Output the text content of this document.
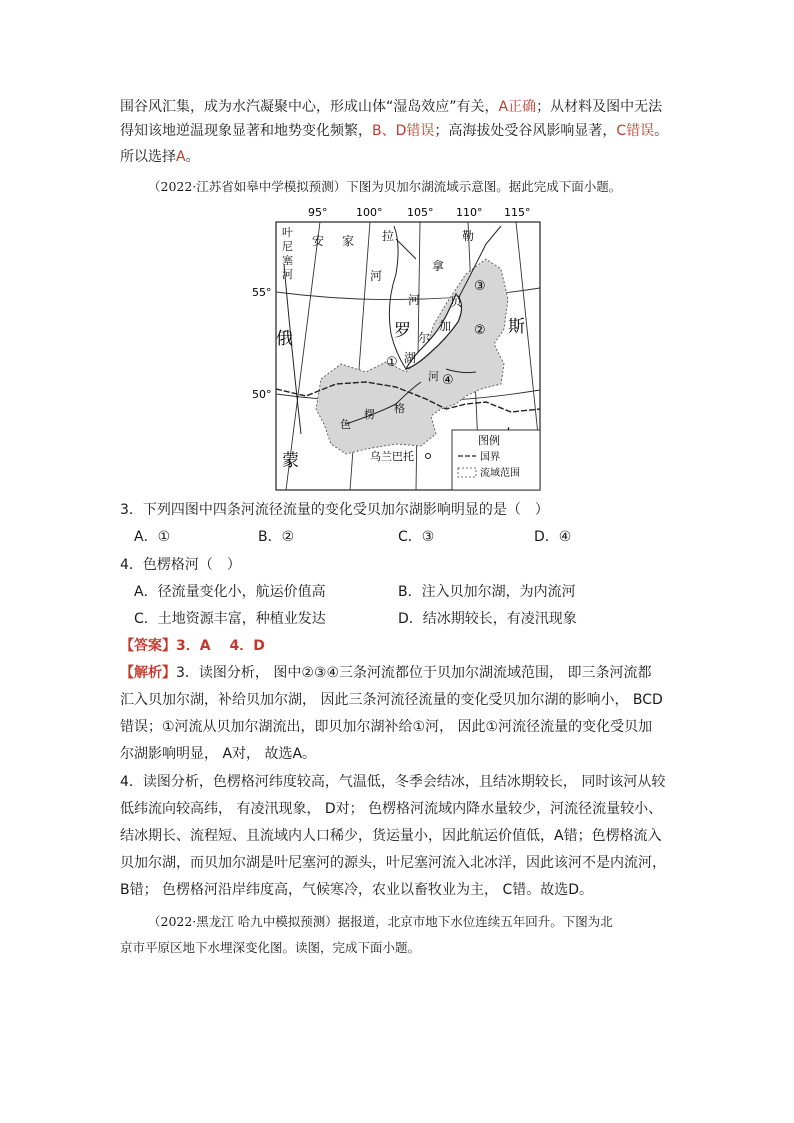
围谷风汇集，成为水汽凝聚中心，形成山体“湿岛效应”有关，A正确；从材料及图中无法
得知该地逆温现象显著和地势变化频繁，B、D错误；高海拔处受谷风影响显著，C错误。
所以选择A。
（2022·江苏省如皋中学模拟预测）下图为贝加尔湖流域示意图。据此完成下面小题。
95°	100° 105° 110° 115°
55°
50°
叶
尼
塞
河
安 家 拉
河
勒
拿
河 贝
加
尔
湖
俄	罗	斯
蒙
色
楞 格
河
乌兰巴托
①
②
③
④
图例
国界
流域范围
3．下列四图中四条河流径流量的变化受贝加尔湖影响明显的是（　）
A．①	B．②	C．③	D．④
4．色楞格河（　）
A．径流量变化小，航运价值高	B．注入贝加尔湖，为内流河
C．土地资源丰富，种植业发达	D．结冰期较长，有凌汛现象
【答案】3．A　 4．D
【解析】3．读图分析， 图中②③④三条河流都位于贝加尔湖流域范围， 即三条河流都
汇入贝加尔湖，补给贝加尔湖， 因此三条河流径流量的变化受贝加尔湖的影响小， BCD
错误；①河流从贝加尔湖流出，即贝加尔湖补给①河， 因此①河流径流量的变化受贝加
尔湖影响明显， A对， 故选A。
4．读图分析，色楞格河纬度较高，气温低，冬季会结冰，且结冰期较长， 同时该河从较
低纬流向较高纬， 有凌汛现象， D对； 色楞格河流域内降水量较少，河流径流量较小、
结冰期长、流程短、且流域内人口稀少，货运量小，因此航运价值低，A错；色楞格流入
贝加尔湖，而贝加尔湖是叶尼塞河的源头，叶尼塞河流入北冰洋，因此该河不是内流河，
B错； 色楞格河沿岸纬度高，气候寒冷，农业以畜牧业为主， C错。故选D。
（2022·黑龙江 哈九中模拟预测）据报道，北京市地下水位连续五年回升。下图为北
京市平原区地下水埋深变化图。读图，完成下面小题。
